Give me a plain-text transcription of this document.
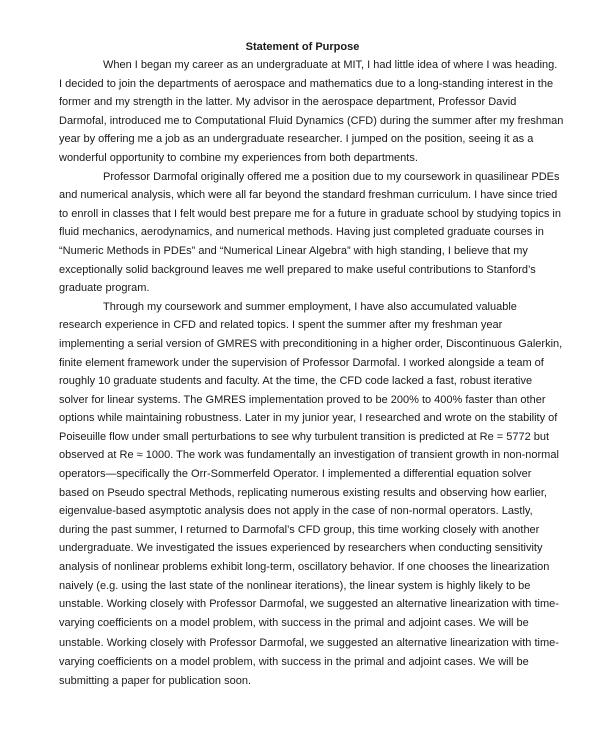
Statement of Purpose
When I began my career as an undergraduate at MIT, I had little idea of where I was heading.
I decided to join the departments of aerospace and mathematics due to a long-standing interest in the
former and my strength in the latter. My advisor in the aerospace department, Professor David
Darmofal, introduced me to Computational Fluid Dynamics (CFD) during the summer after my freshman
year by offering me a job as an undergraduate researcher. I jumped on the position, seeing it as a
wonderful opportunity to combine my experiences from both departments.
Professor Darmofal originally offered me a position due to my coursework in quasilinear PDEs
and numerical analysis, which were all far beyond the standard freshman curriculum. I have since tried
to enroll in classes that I felt would best prepare me for a future in graduate school by studying topics in
fluid mechanics, aerodynamics, and numerical methods. Having just completed graduate courses in
“Numeric Methods in PDEs” and “Numerical Linear Algebra” with high standing, I believe that my
exceptionally solid background leaves me well prepared to make useful contributions to Stanford’s
graduate program.
Through my coursework and summer employment, I have also accumulated valuable
research experience in CFD and related topics. I spent the summer after my freshman year
implementing a serial version of GMRES with preconditioning in a higher order, Discontinuous Galerkin,
finite element framework under the supervision of Professor Darmofal. I worked alongside a team of
roughly 10 graduate students and faculty. At the time, the CFD code lacked a fast, robust iterative
solver for linear systems. The GMRES implementation proved to be 200% to 400% faster than other
options while maintaining robustness. Later in my junior year, I researched and wrote on the stability of
Poiseuille flow under small perturbations to see why turbulent transition is predicted at Re = 5772 but
observed at Re ≈ 1000. The work was fundamentally an investigation of transient growth in non-normal
operators—specifically the Orr-Sommerfeld Operator. I implemented a differential equation solver
based on Pseudo spectral Methods, replicating numerous existing results and observing how earlier,
eigenvalue-based asymptotic analysis does not apply in the case of non-normal operators. Lastly,
during the past summer, I returned to Darmofal’s CFD group, this time working closely with another
undergraduate. We investigated the issues experienced by researchers when conducting sensitivity
analysis of nonlinear problems exhibit long-term, oscillatory behavior. If one chooses the linearization
naively (e.g. using the last state of the nonlinear iterations), the linear system is highly likely to be
unstable. Working closely with Professor Darmofal, we suggested an alternative linearization with time-
varying coefficients on a model problem, with success in the primal and adjoint cases. We will be
unstable. Working closely with Professor Darmofal, we suggested an alternative linearization with time-
varying coefficients on a model problem, with success in the primal and adjoint cases. We will be
submitting a paper for publication soon.
